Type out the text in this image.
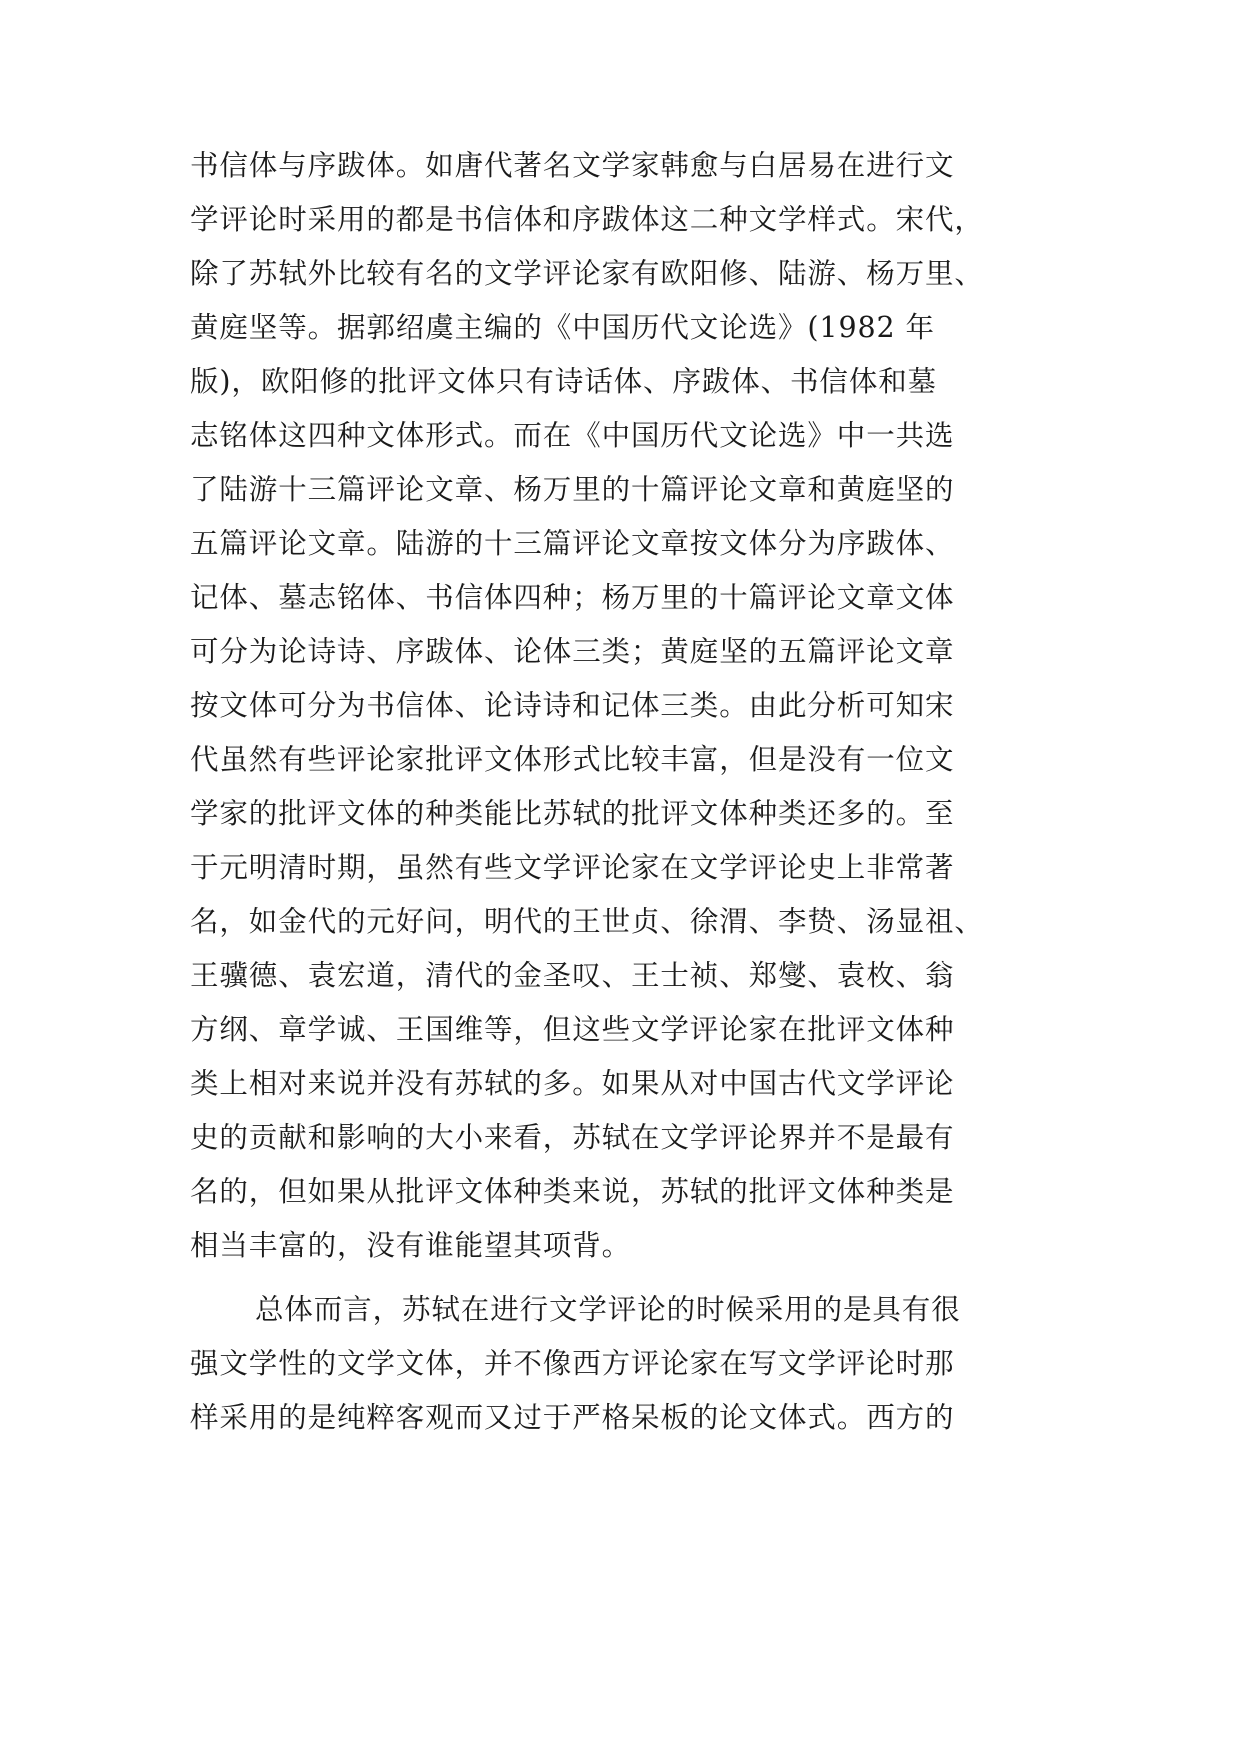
书信体与序跋体。如唐代著名文学家韩愈与白居易在进行文
学评论时采用的都是书信体和序跋体这二种文学样式。宋代，
除了苏轼外比较有名的文学评论家有欧阳修、陆游、杨万里、
黄庭坚等。据郭绍虞主编的《中国历代文论选》(1982 年
版)，欧阳修的批评文体只有诗话体、序跋体、书信体和墓
志铭体这四种文体形式。而在《中国历代文论选》中一共选
了陆游十三篇评论文章、杨万里的十篇评论文章和黄庭坚的
五篇评论文章。陆游的十三篇评论文章按文体分为序跋体、
记体、墓志铭体、书信体四种；杨万里的十篇评论文章文体
可分为论诗诗、序跋体、论体三类；黄庭坚的五篇评论文章
按文体可分为书信体、论诗诗和记体三类。由此分析可知宋
代虽然有些评论家批评文体形式比较丰富，但是没有一位文
学家的批评文体的种类能比苏轼的批评文体种类还多的。至
于元明清时期，虽然有些文学评论家在文学评论史上非常著
名，如金代的元好问，明代的王世贞、徐渭、李贽、汤显祖、
王骥德、袁宏道，清代的金圣叹、王士祯、郑燮、袁枚、翁
方纲、章学诚、王国维等，但这些文学评论家在批评文体种
类上相对来说并没有苏轼的多。如果从对中国古代文学评论
史的贡献和影响的大小来看，苏轼在文学评论界并不是最有
名的，但如果从批评文体种类来说，苏轼的批评文体种类是
相当丰富的，没有谁能望其项背。
总体而言，苏轼在进行文学评论的时候采用的是具有很
强文学性的文学文体，并不像西方评论家在写文学评论时那
样采用的是纯粹客观而又过于严格呆板的论文体式。西方的
